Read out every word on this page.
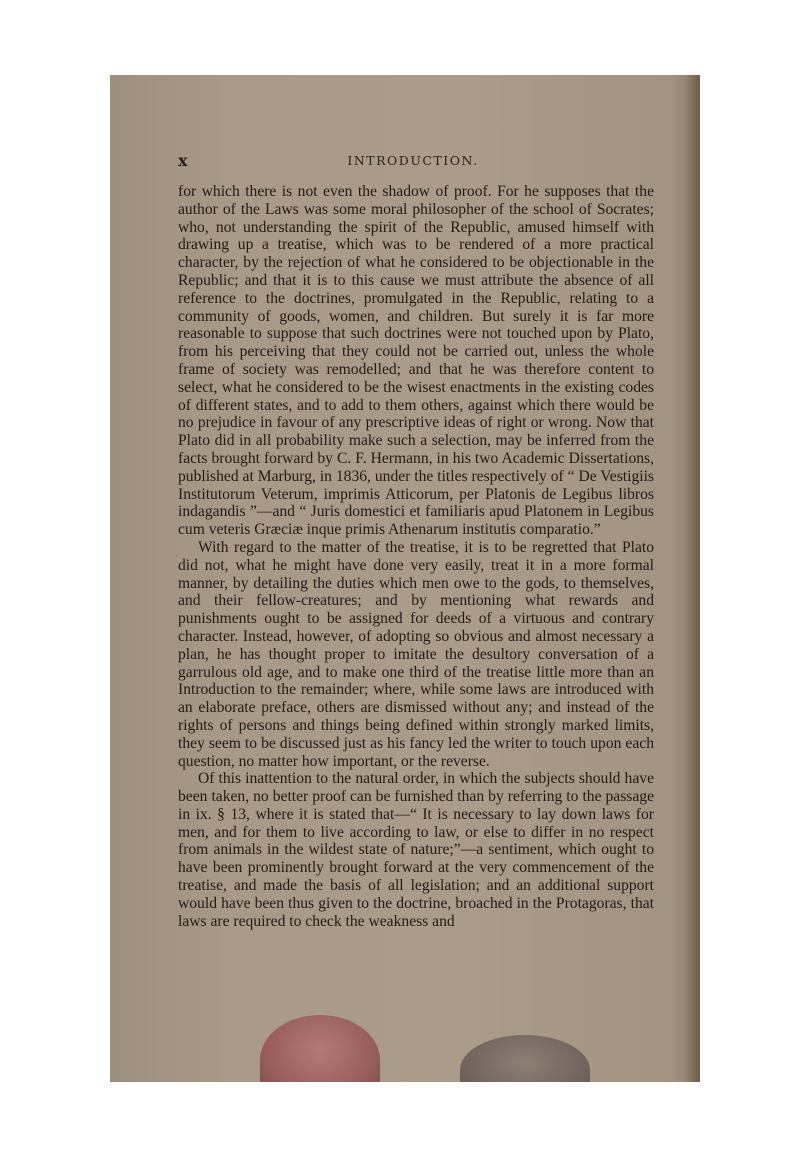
x	INTRODUCTION.

for which there is not even the shadow of proof. For he supposes that the author of the Laws was some moral philosopher of the school of Socrates; who, not understanding the spirit of the Republic, amused himself with drawing up a treatise, which was to be rendered of a more practical character, by the rejection of what he considered to be objectionable in the Republic; and that it is to this cause we must attribute the absence of all reference to the doctrines, promulgated in the Republic, relating to a community of goods, women, and children. But surely it is far more reasonable to suppose that such doctrines were not touched upon by Plato, from his perceiving that they could not be carried out, unless the whole frame of society was remodelled; and that he was therefore content to select, what he considered to be the wisest enactments in the existing codes of different states, and to add to them others, against which there would be no prejudice in favour of any prescriptive ideas of right or wrong. Now that Plato did in all probability make such a selection, may be inferred from the facts brought forward by C. F. Hermann, in his two Academic Dissertations, published at Marburg, in 1836, under the titles respectively of “ De Vestigiis Institutorum Veterum, imprimis Atticorum, per Platonis de Legibus libros indagandis ”—and “ Juris domestici et familiaris apud Platonem in Legibus cum veteris Græciæ inque primis Athenarum institutis comparatio.”

With regard to the matter of the treatise, it is to be regretted that Plato did not, what he might have done very easily, treat it in a more formal manner, by detailing the duties which men owe to the gods, to themselves, and their fellow-creatures; and by mentioning what rewards and punishments ought to be assigned for deeds of a virtuous and contrary character. Instead, however, of adopting so obvious and almost necessary a plan, he has thought proper to imitate the desultory conversation of a garrulous old age, and to make one third of the treatise little more than an Introduction to the remainder; where, while some laws are introduced with an elaborate preface, others are dismissed without any; and instead of the rights of persons and things being defined within strongly marked limits, they seem to be discussed just as his fancy led the writer to touch upon each question, no matter how important, or the reverse.

Of this inattention to the natural order, in which the subjects should have been taken, no better proof can be furnished than by referring to the passage in ix. § 13, where it is stated that—“ It is necessary to lay down laws for men, and for them to live according to law, or else to differ in no respect from animals in the wildest state of nature;”—a sentiment, which ought to have been prominently brought forward at the very commencement of the treatise, and made the basis of all legislation; and an additional support would have been thus given to the doctrine, broached in the Protagoras, that laws are required to check the weakness and
